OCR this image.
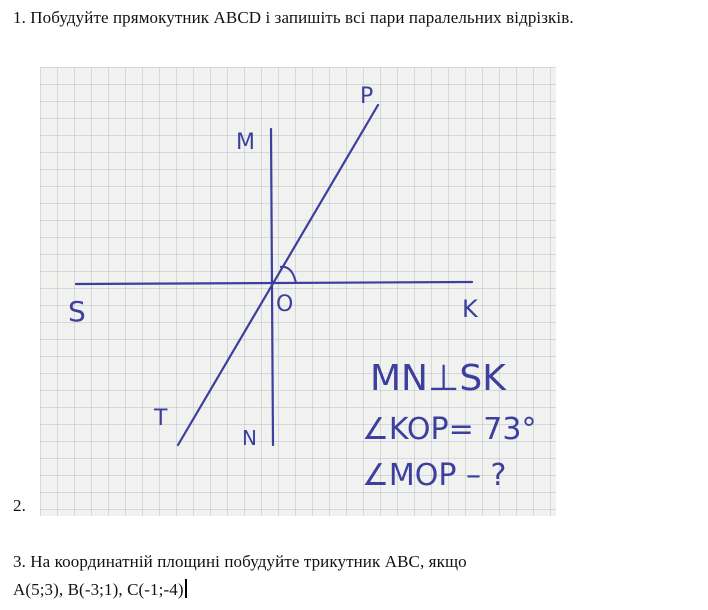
1. Побудуйте прямокутник ABCD і запишіть всі пари паралельних відрізків.
P
M
S	O	K
T
N
MN⊥SK
∠KOP= 73°
∠MOP – ?
2.
3. На координатній площині побудуйте трикутник ABC, якщо
A(5;3), B(-3;1), C(-1;-4)
